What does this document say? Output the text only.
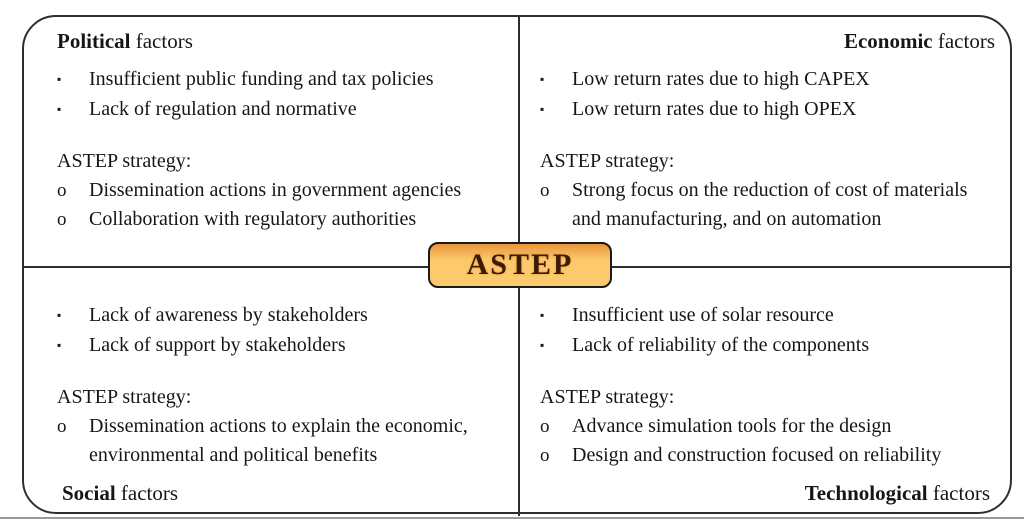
Political factors
▪	Insufficient public funding and tax policies
▪	Lack of regulation and normative
ASTEP strategy:
o	Dissemination actions in government agencies
o	Collaboration with regulatory authorities
Economic factors
▪	Low return rates due to high CAPEX
▪	Low return rates due to high OPEX
ASTEP strategy:
o	Strong focus on the reduction of cost of materials and manufacturing, and on automation
▪	Lack of awareness by stakeholders
▪	Lack of support by stakeholders
ASTEP strategy:
o	Dissemination actions to explain the economic, environmental and political benefits
Social factors
▪	Insufficient use of solar resource
▪	Lack of reliability of the components
ASTEP strategy:
o	Advance simulation tools for the design
o	Design and construction focused on reliability
Technological factors
ASTEP
